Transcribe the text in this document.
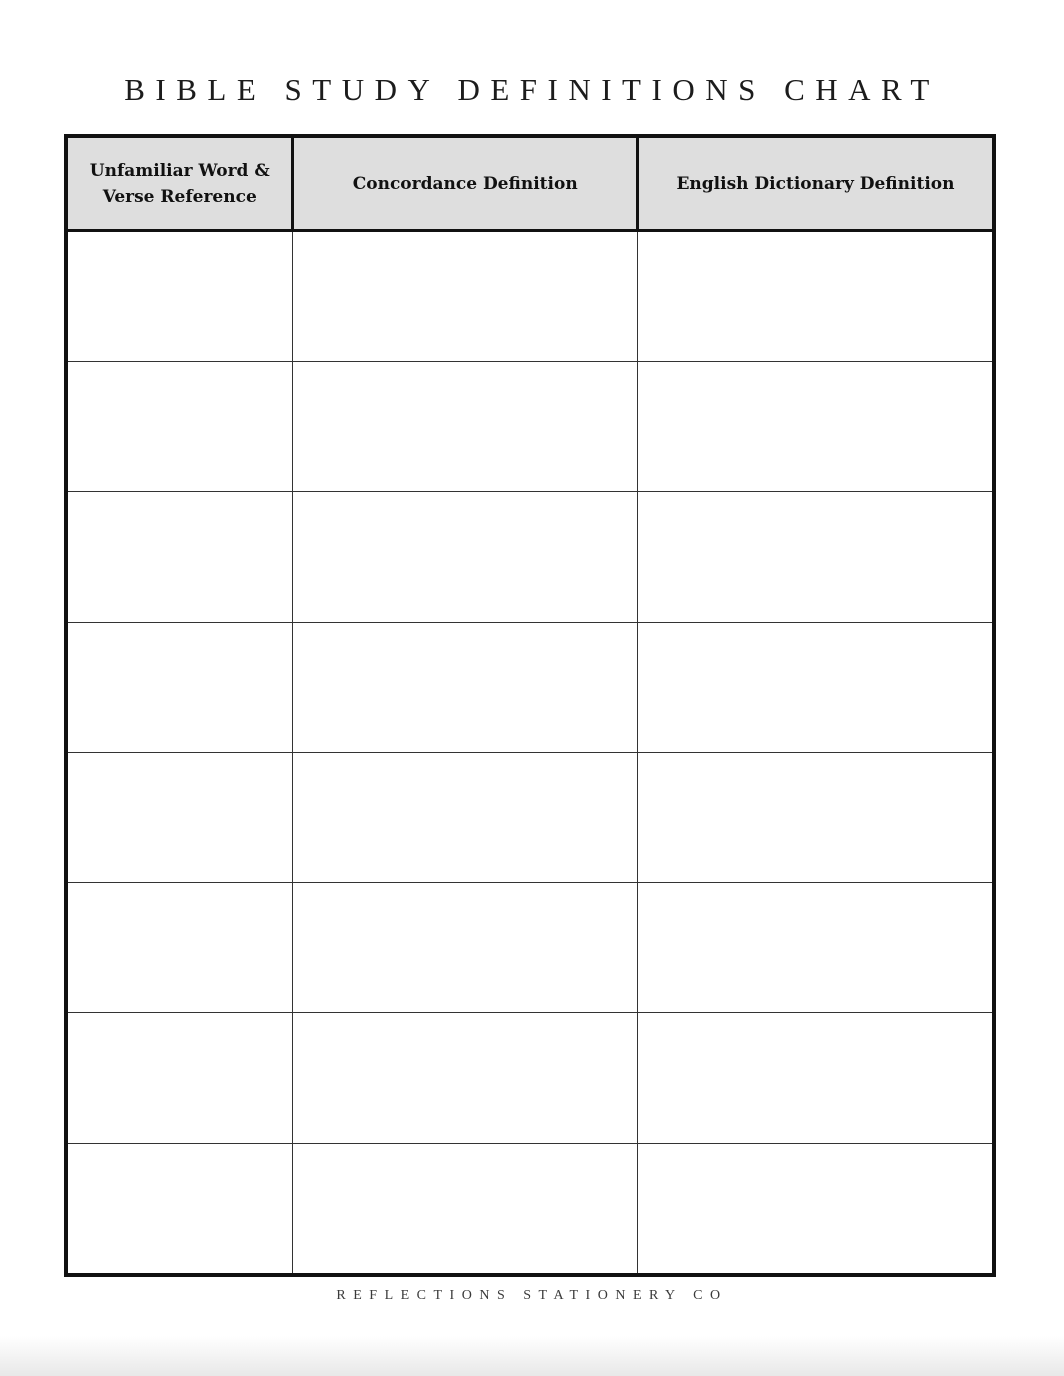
BIBLE STUDY DEFINITIONS CHART
Unfamiliar Word &
Verse Reference	Concordance Definition	English Dictionary Definition

REFLECTIONS STATIONERY CO
